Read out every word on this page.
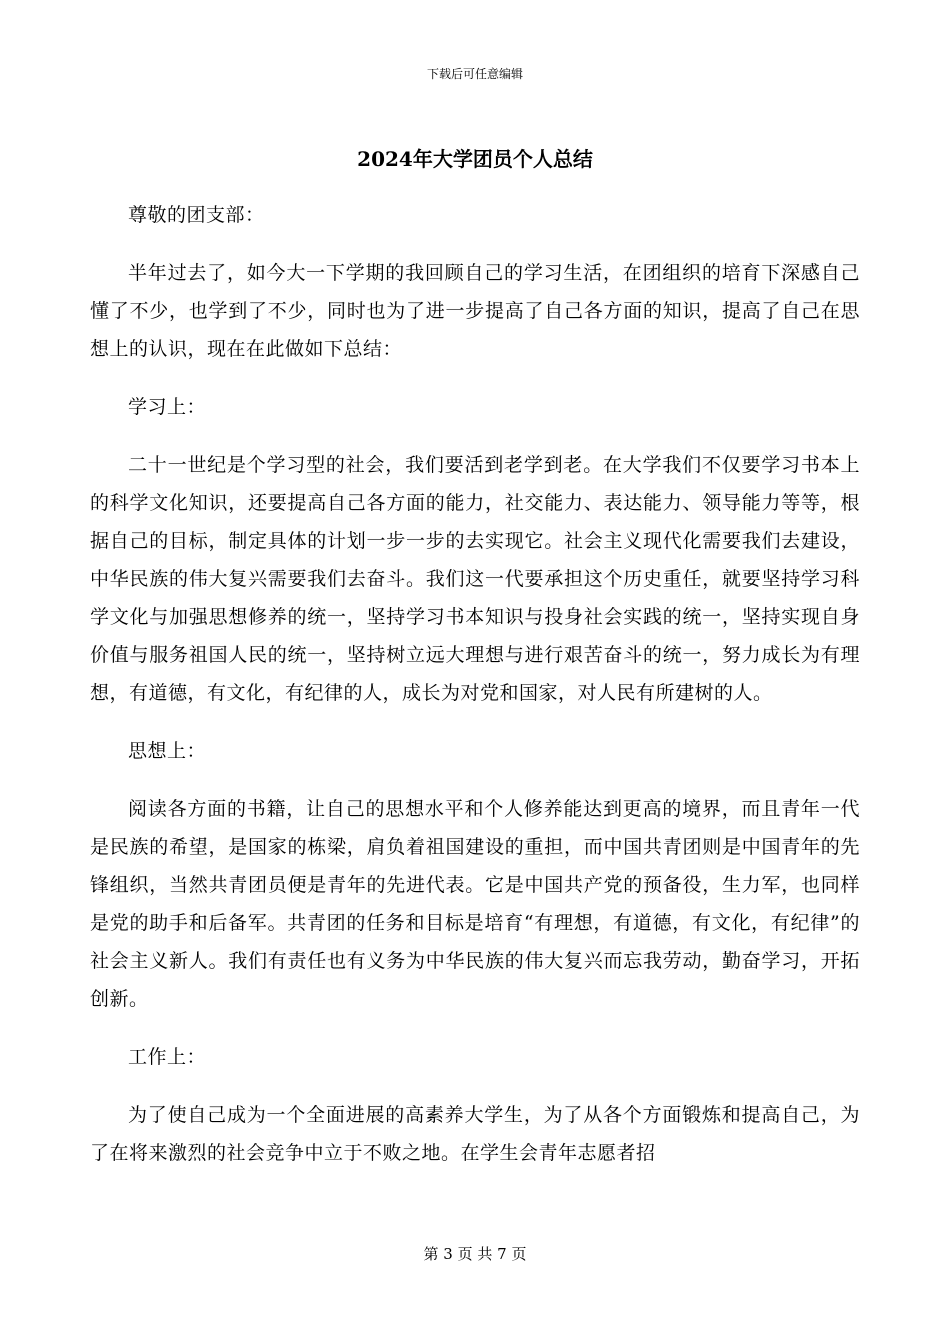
下载后可任意编辑
2024年大学团员个人总结

尊敬的团支部：

半年过去了，如今大一下学期的我回顾自己的学习生活，在团组织的培育下深感自己懂了不少，也学到了不少，同时也为了进一步提高了自己各方面的知识，提高了自己在思想上的认识，现在在此做如下总结：

学习上：

二十一世纪是个学习型的社会，我们要活到老学到老。在大学我们不仅要学习书本上的科学文化知识，还要提高自己各方面的能力，社交能力、表达能力、领导能力等等，根据自己的目标，制定具体的计划一步一步的去实现它。社会主义现代化需要我们去建设，中华民族的伟大复兴需要我们去奋斗。我们这一代要承担这个历史重任，就要坚持学习科学文化与加强思想修养的统一，坚持学习书本知识与投身社会实践的统一，坚持实现自身价值与服务祖国人民的统一，坚持树立远大理想与进行艰苦奋斗的统一，努力成长为有理想，有道德，有文化，有纪律的人，成长为对党和国家，对人民有所建树的人。

思想上：

阅读各方面的书籍，让自己的思想水平和个人修养能达到更高的境界，而且青年一代是民族的希望，是国家的栋梁，肩负着祖国建设的重担，而中国共青团则是中国青年的先锋组织，当然共青团员便是青年的先进代表。它是中国共产党的预备役，生力军，也同样是党的助手和后备军。共青团的任务和目标是培育“有理想，有道德，有文化，有纪律”的社会主义新人。我们有责任也有义务为中华民族的伟大复兴而忘我劳动，勤奋学习，开拓创新。

工作上：

为了使自己成为一个全面进展的高素养大学生，为了从各个方面锻炼和提高自己，为了在将来激烈的社会竞争中立于不败之地。在学生会青年志愿者招

第 3 页 共 7 页
